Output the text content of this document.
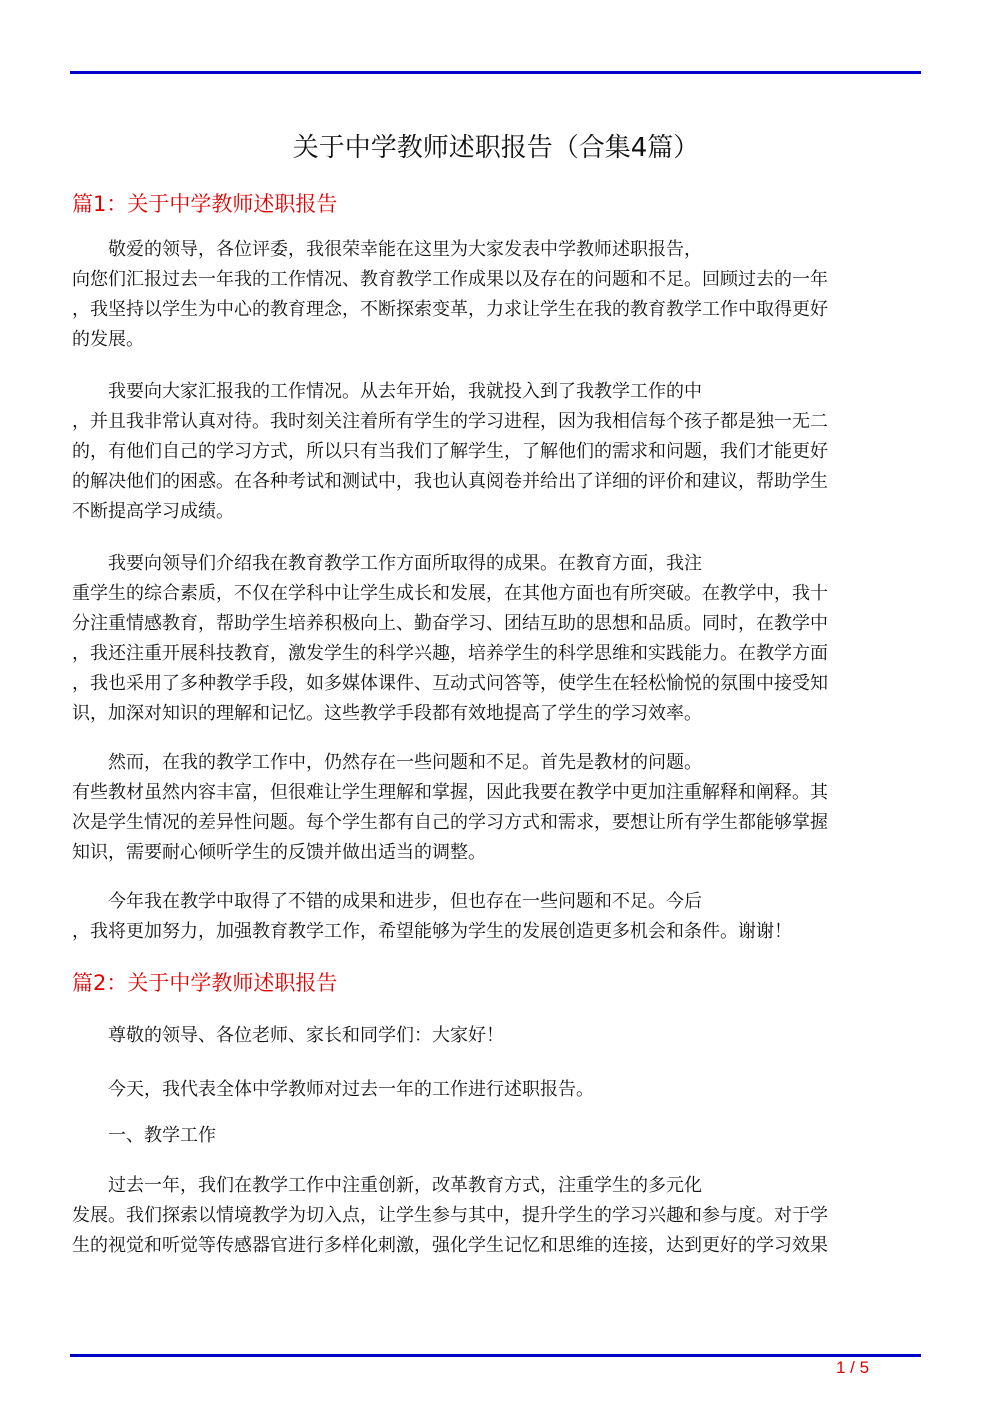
关于中学教师述职报告（合集4篇）
篇1：关于中学教师述职报告
敬爱的领导，各位评委，我很荣幸能在这里为大家发表中学教师述职报告，
向您们汇报过去一年我的工作情况、教育教学工作成果以及存在的问题和不足。回顾过去的一年
，我坚持以学生为中心的教育理念，不断探索变革，力求让学生在我的教育教学工作中取得更好
的发展。
我要向大家汇报我的工作情况。从去年开始，我就投入到了我教学工作的中
，并且我非常认真对待。我时刻关注着所有学生的学习进程，因为我相信每个孩子都是独一无二
的，有他们自己的学习方式，所以只有当我们了解学生，了解他们的需求和问题，我们才能更好
的解决他们的困惑。在各种考试和测试中，我也认真阅卷并给出了详细的评价和建议，帮助学生
不断提高学习成绩。
我要向领导们介绍我在教育教学工作方面所取得的成果。在教育方面，我注
重学生的综合素质，不仅在学科中让学生成长和发展，在其他方面也有所突破。在教学中，我十
分注重情感教育，帮助学生培养积极向上、勤奋学习、团结互助的思想和品质。同时，在教学中
，我还注重开展科技教育，激发学生的科学兴趣，培养学生的科学思维和实践能力。在教学方面
，我也采用了多种教学手段，如多媒体课件、互动式问答等，使学生在轻松愉悦的氛围中接受知
识，加深对知识的理解和记忆。这些教学手段都有效地提高了学生的学习效率。
然而，在我的教学工作中，仍然存在一些问题和不足。首先是教材的问题。
有些教材虽然内容丰富，但很难让学生理解和掌握，因此我要在教学中更加注重解释和阐释。其
次是学生情况的差异性问题。每个学生都有自己的学习方式和需求，要想让所有学生都能够掌握
知识，需要耐心倾听学生的反馈并做出适当的调整。
今年我在教学中取得了不错的成果和进步，但也存在一些问题和不足。今后
，我将更加努力，加强教育教学工作，希望能够为学生的发展创造更多机会和条件。谢谢！
篇2：关于中学教师述职报告
尊敬的领导、各位老师、家长和同学们：大家好！
今天，我代表全体中学教师对过去一年的工作进行述职报告。
一、教学工作
过去一年，我们在教学工作中注重创新，改革教育方式，注重学生的多元化
发展。我们探索以情境教学为切入点，让学生参与其中，提升学生的学习兴趣和参与度。对于学
生的视觉和听觉等传感器官进行多样化刺激，强化学生记忆和思维的连接，达到更好的学习效果
1 / 5
